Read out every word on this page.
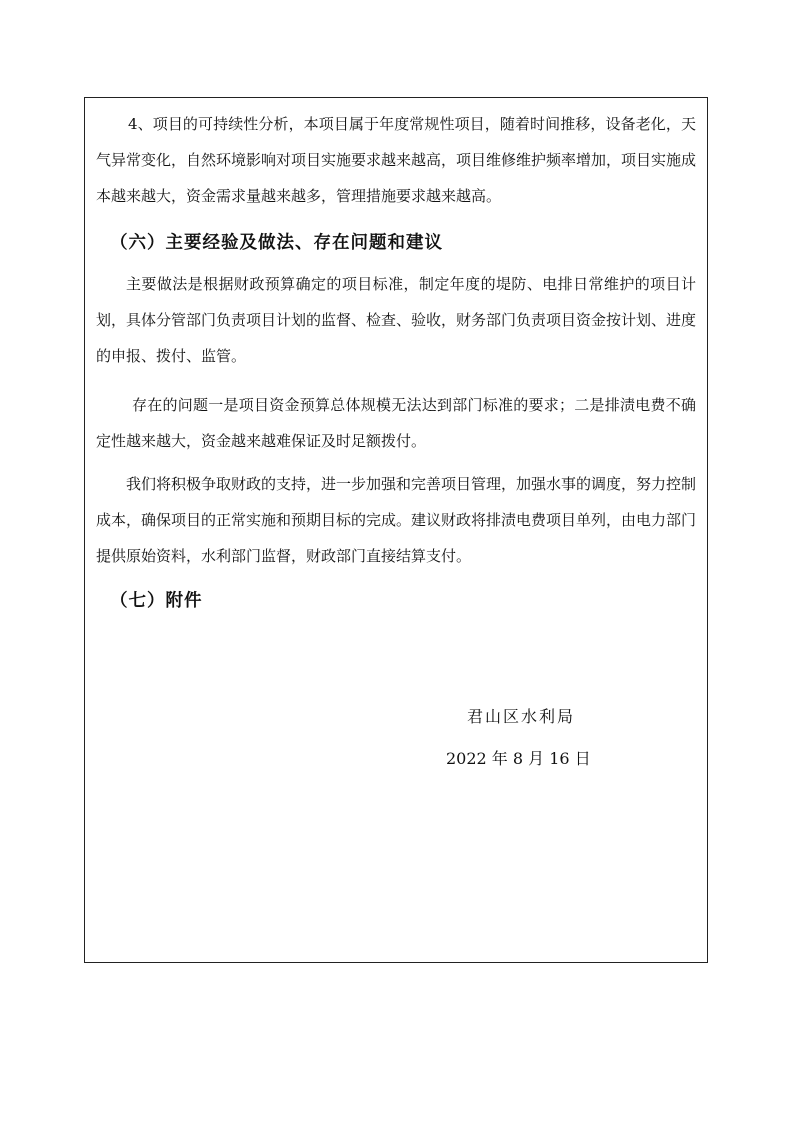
4、项目的可持续性分析，本项目属于年度常规性项目，随着时间推移，设备老化，天气异常变化，自然环境影响对项目实施要求越来越高，项目维修维护频率增加，项目实施成本越来越大，资金需求量越来越多，管理措施要求越来越高。

（六）主要经验及做法、存在问题和建议

主要做法是根据财政预算确定的项目标准，制定年度的堤防、电排日常维护的项目计划，具体分管部门负责项目计划的监督、检查、验收，财务部门负责项目资金按计划、进度的申报、拨付、监管。

存在的问题一是项目资金预算总体规模无法达到部门标准的要求；二是排渍电费不确定性越来越大，资金越来越难保证及时足额拨付。

我们将积极争取财政的支持，进一步加强和完善项目管理，加强水事的调度，努力控制成本，确保项目的正常实施和预期目标的完成。建议财政将排渍电费项目单列，由电力部门提供原始资料，水利部门监督，财政部门直接结算支付。

（七）附件
君山区水利局
2022 年 8 月 16 日
